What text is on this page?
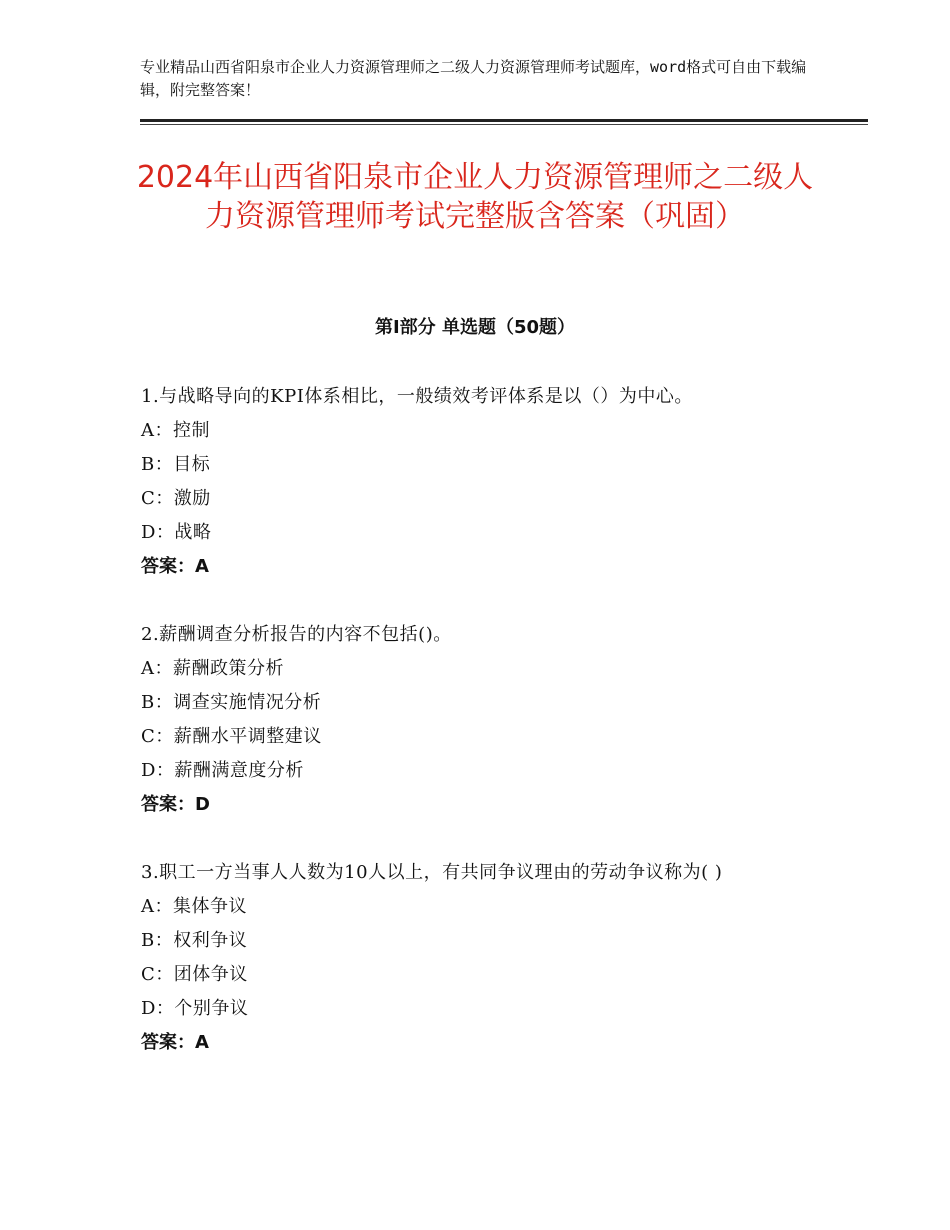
专业精品山西省阳泉市企业人力资源管理师之二级人力资源管理师考试题库，word格式可自由下载编辑，附完整答案！
2024年山西省阳泉市企业人力资源管理师之二级人力资源管理师考试完整版含答案（巩固）
第Ⅰ部分 单选题（50题）
1.与战略导向的KPI体系相比，一般绩效考评体系是以（）为中心。
A：控制
B：目标
C：激励
D：战略
答案：A
2.薪酬调查分析报告的内容不包括()。
A：薪酬政策分析
B：调查实施情况分析
C：薪酬水平调整建议
D：薪酬满意度分析
答案：D
3.职工一方当事人人数为10人以上，有共同争议理由的劳动争议称为( )
A：集体争议
B：权利争议
C：团体争议
D：个别争议
答案：A
